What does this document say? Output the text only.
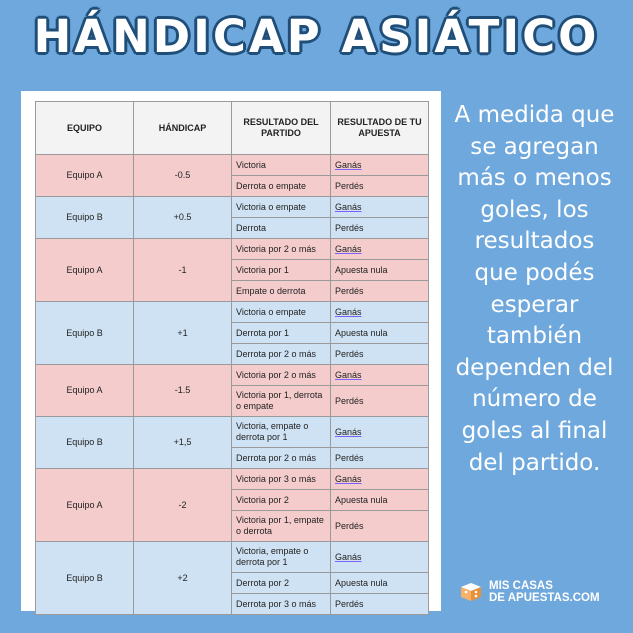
HÁNDICAP ASIÁTICO
EQUIPO	HÁNDICAP	RESULTADO DEL PARTIDO	RESULTADO DE TU APUESTA
Equipo A	-0.5	Victoria	Ganás
		Derrota o empate	Perdés
Equipo B	+0.5	Victoria o empate	Ganás
		Derrota	Perdés
Equipo A	-1	Victoria por 2 o más	Ganás
		Victoria por 1	Apuesta nula
		Empate o derrota	Perdés
Equipo B	+1	Victoria o empate	Ganás
		Derrota por 1	Apuesta nula
		Derrota por 2 o más	Perdés
Equipo A	-1.5	Victoria por 2 o más	Ganás
		Victoria por 1, derrota o empate	Perdés
Equipo B	+1,5	Victoria, empate o derrota por 1	Ganás
		Derrota por 2 o más	Perdés
Equipo A	-2	Victoria por 3 o más	Ganás
		Victoria por 2	Apuesta nula
		Victoria por 1, empate o derrota	Perdés
Equipo B	+2	Victoria, empate o derrota por 1	Ganás
		Derrota por 2	Apuesta nula
		Derrota por 3 o más	Perdés
A medida que se agregan más o menos goles, los resultados que podés esperar también dependen del número de goles al final del partido.
MIS CASAS
DE APUESTAS.COM
